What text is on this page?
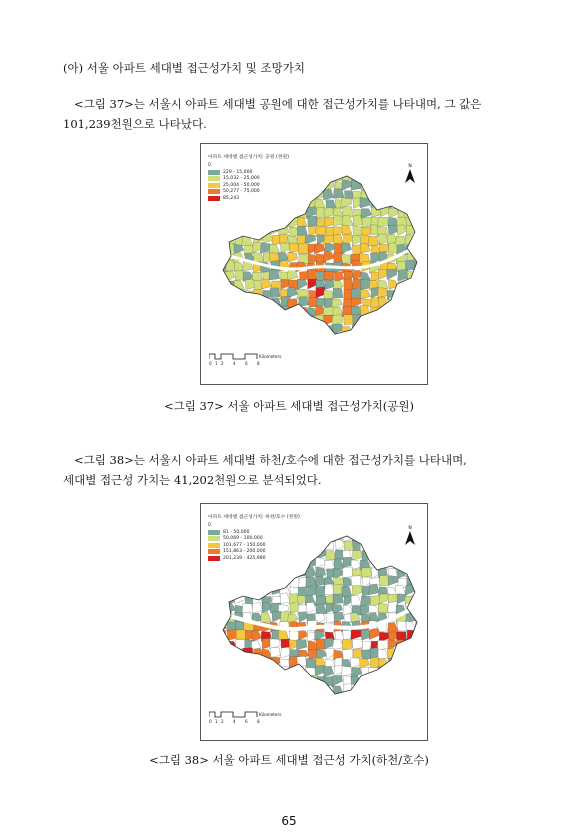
(아) 서울 아파트 세대별 접근성가치 및 조망가치
<그림 37>는 서울시 아파트 세대별 공원에 대한 접근성가치를 나타내며, 그 값은
101,239천원으로 나타났다.
아파트 세대별 접근성가치: 공원 (천원)
0
229 - 15,000
15,032 - 25,000
25,004 - 50,000
50,277 - 75,000
85,243
N
Kilometers
0 1 2 4 6 8
<그림 37> 서울 아파트 세대별 접근성가치(공원)
<그림 38>는 서울시 아파트 세대별 하천/호수에 대한 접근성가치를 나타내며,
세대별 접근성 가치는 41,202천원으로 분석되었다.
아파트 세대별 접근성가치: 하천/호수 (천원)
0
81 - 50,000
50,069 - 100,000
101,677 - 150,000
151,863 - 200,000
201,239 - 425,980
N
Kilometers
0 1 2 4 6 8
<그림 38> 서울 아파트 세대별 접근성 가치(하천/호수)
65
